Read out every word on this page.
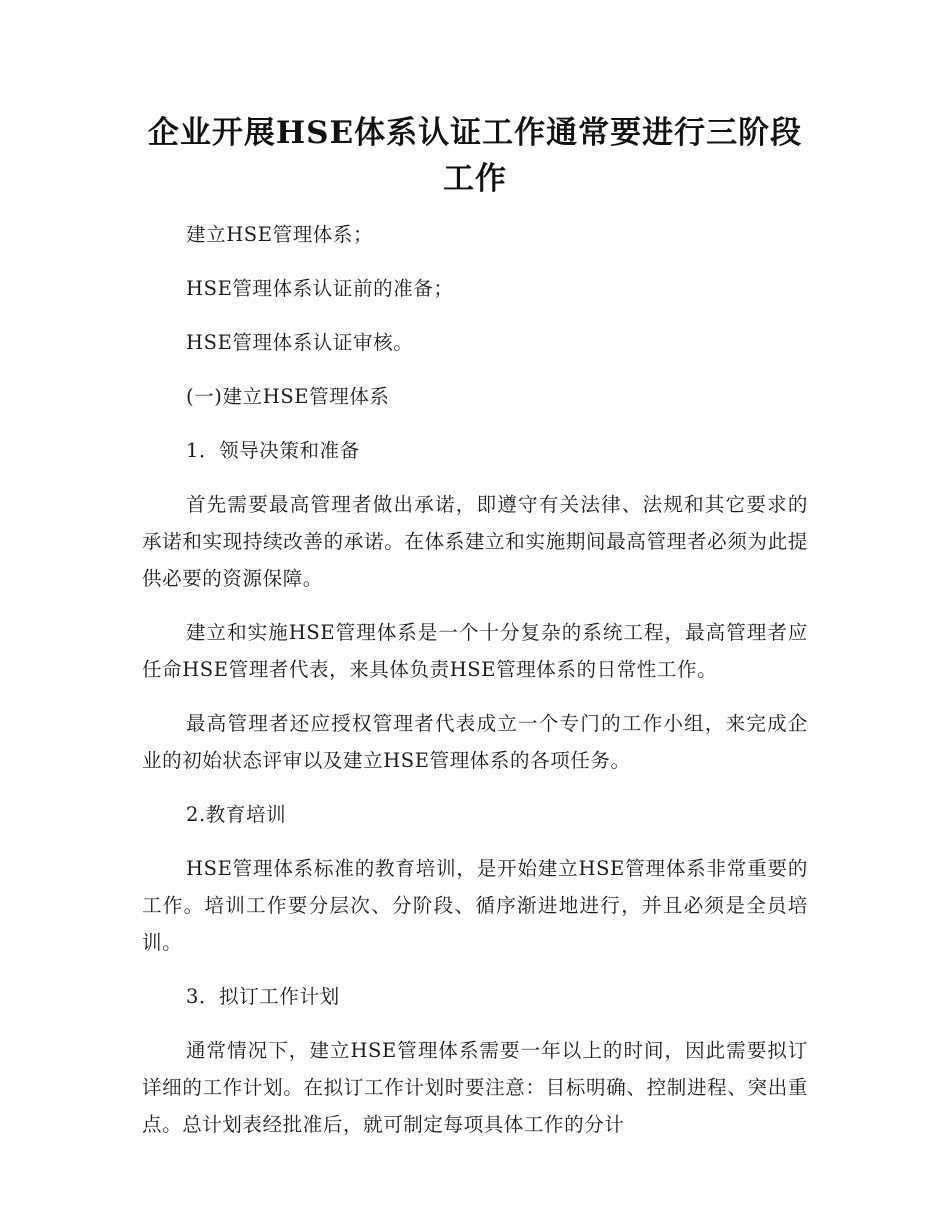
企业开展HSE体系认证工作通常要进行三阶段工作

建立HSE管理体系；

HSE管理体系认证前的准备；

HSE管理体系认证审核。

(一)建立HSE管理体系

1．领导决策和准备

首先需要最高管理者做出承诺，即遵守有关法律、法规和其它要求的承诺和实现持续改善的承诺。在体系建立和实施期间最高管理者必须为此提供必要的资源保障。

建立和实施HSE管理体系是一个十分复杂的系统工程，最高管理者应任命HSE管理者代表，来具体负责HSE管理体系的日常性工作。

最高管理者还应授权管理者代表成立一个专门的工作小组，来完成企业的初始状态评审以及建立HSE管理体系的各项任务。

2.教育培训

HSE管理体系标准的教育培训，是开始建立HSE管理体系非常重要的工作。培训工作要分层次、分阶段、循序渐进地进行，并且必须是全员培训。

3．拟订工作计划

通常情况下，建立HSE管理体系需要一年以上的时间，因此需要拟订详细的工作计划。在拟订工作计划时要注意：目标明确、控制进程、突出重点。总计划表经批准后，就可制定每项具体工作的分计
